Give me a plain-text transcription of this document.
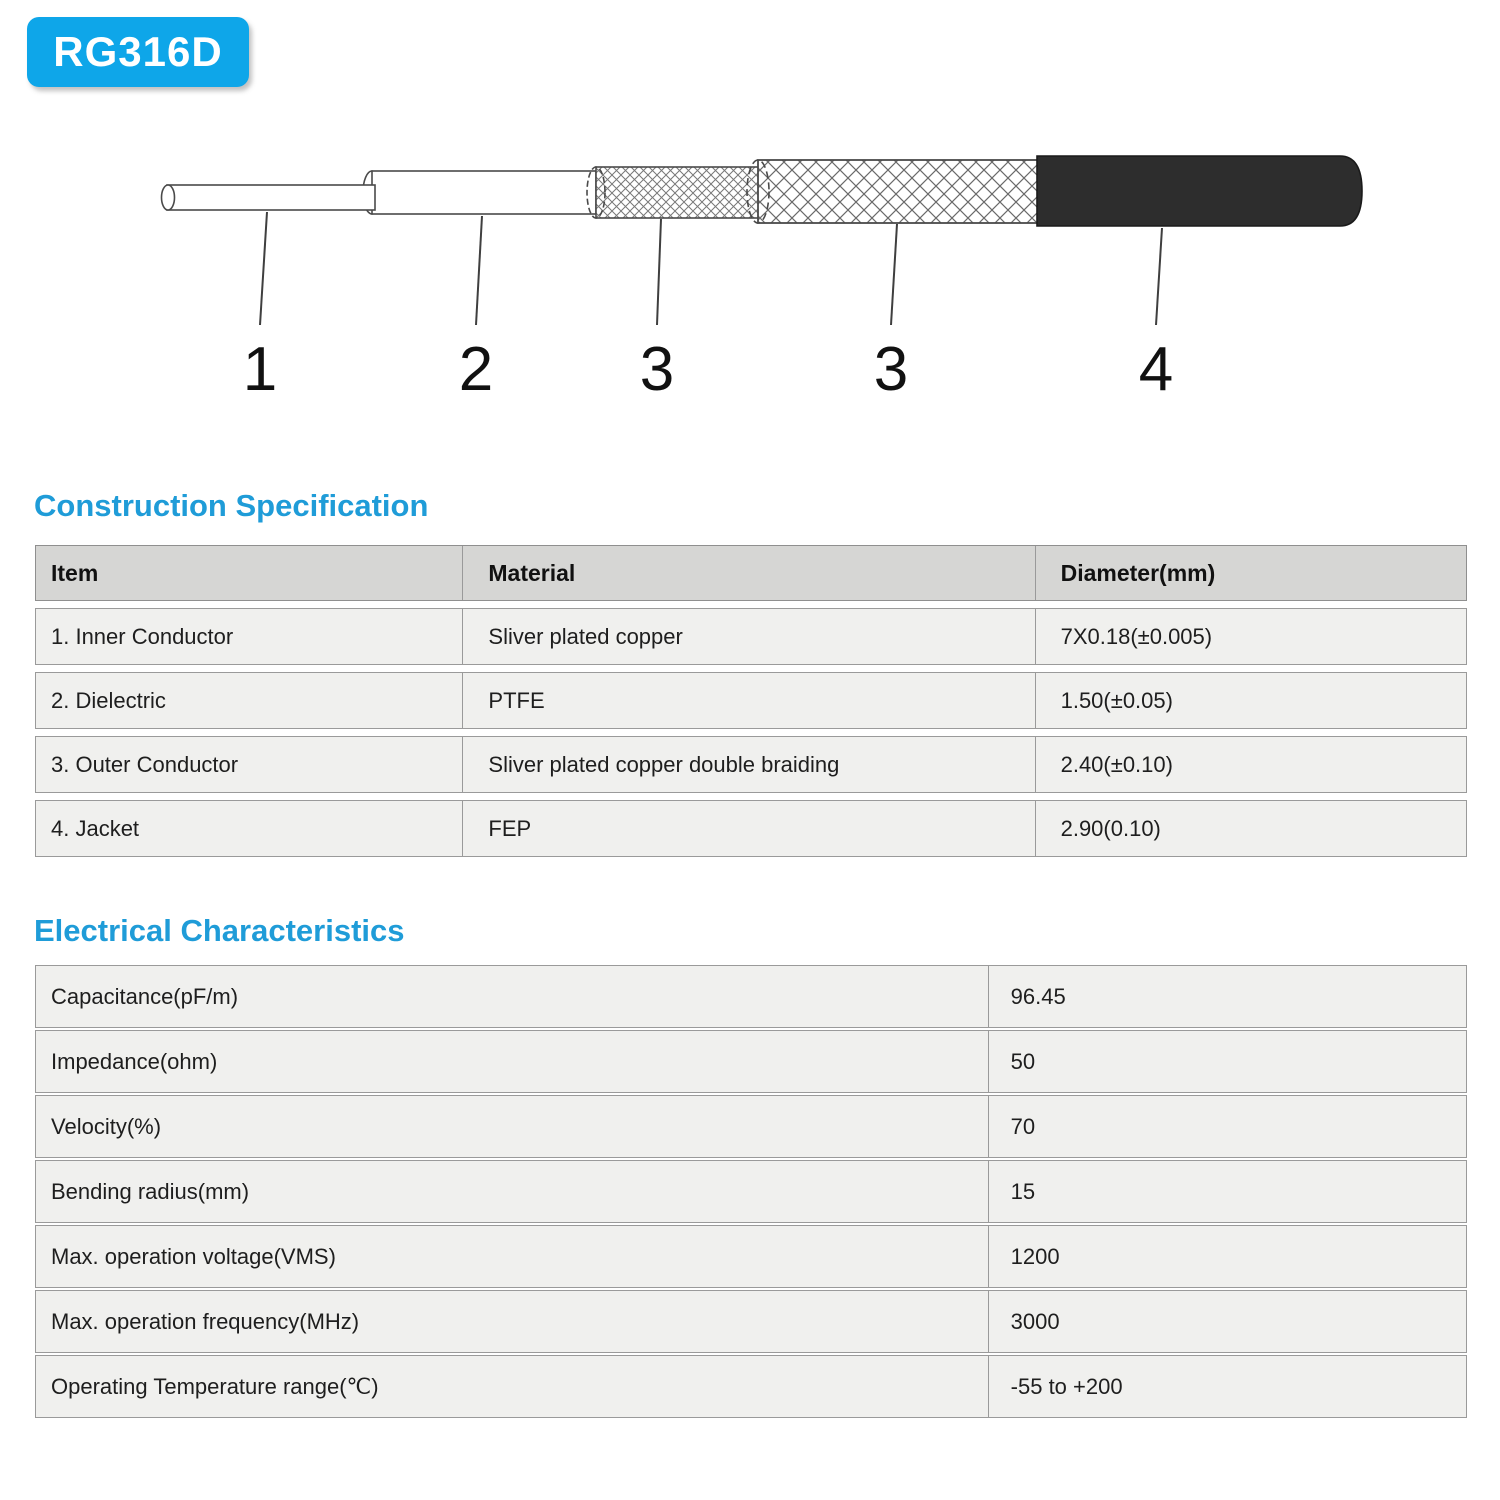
RG316D
1	2 3	3	4
Construction Specification
Item	Material	Diameter(mm)
1. Inner Conductor	Sliver plated copper	7X0.18(±0.005)
2. Dielectric	PTFE	1.50(±0.05)
3. Outer Conductor	Sliver plated copper double braiding	2.40(±0.10)
4. Jacket	FEP	2.90(0.10)
Electrical Characteristics
Capacitance(pF/m)	96.45
Impedance(ohm)	50
Velocity(%)	70
Bending radius(mm)	15
Max. operation voltage(VMS)	1200
Max. operation frequency(MHz)	3000
Operating Temperature range(℃)	-55 to +200
